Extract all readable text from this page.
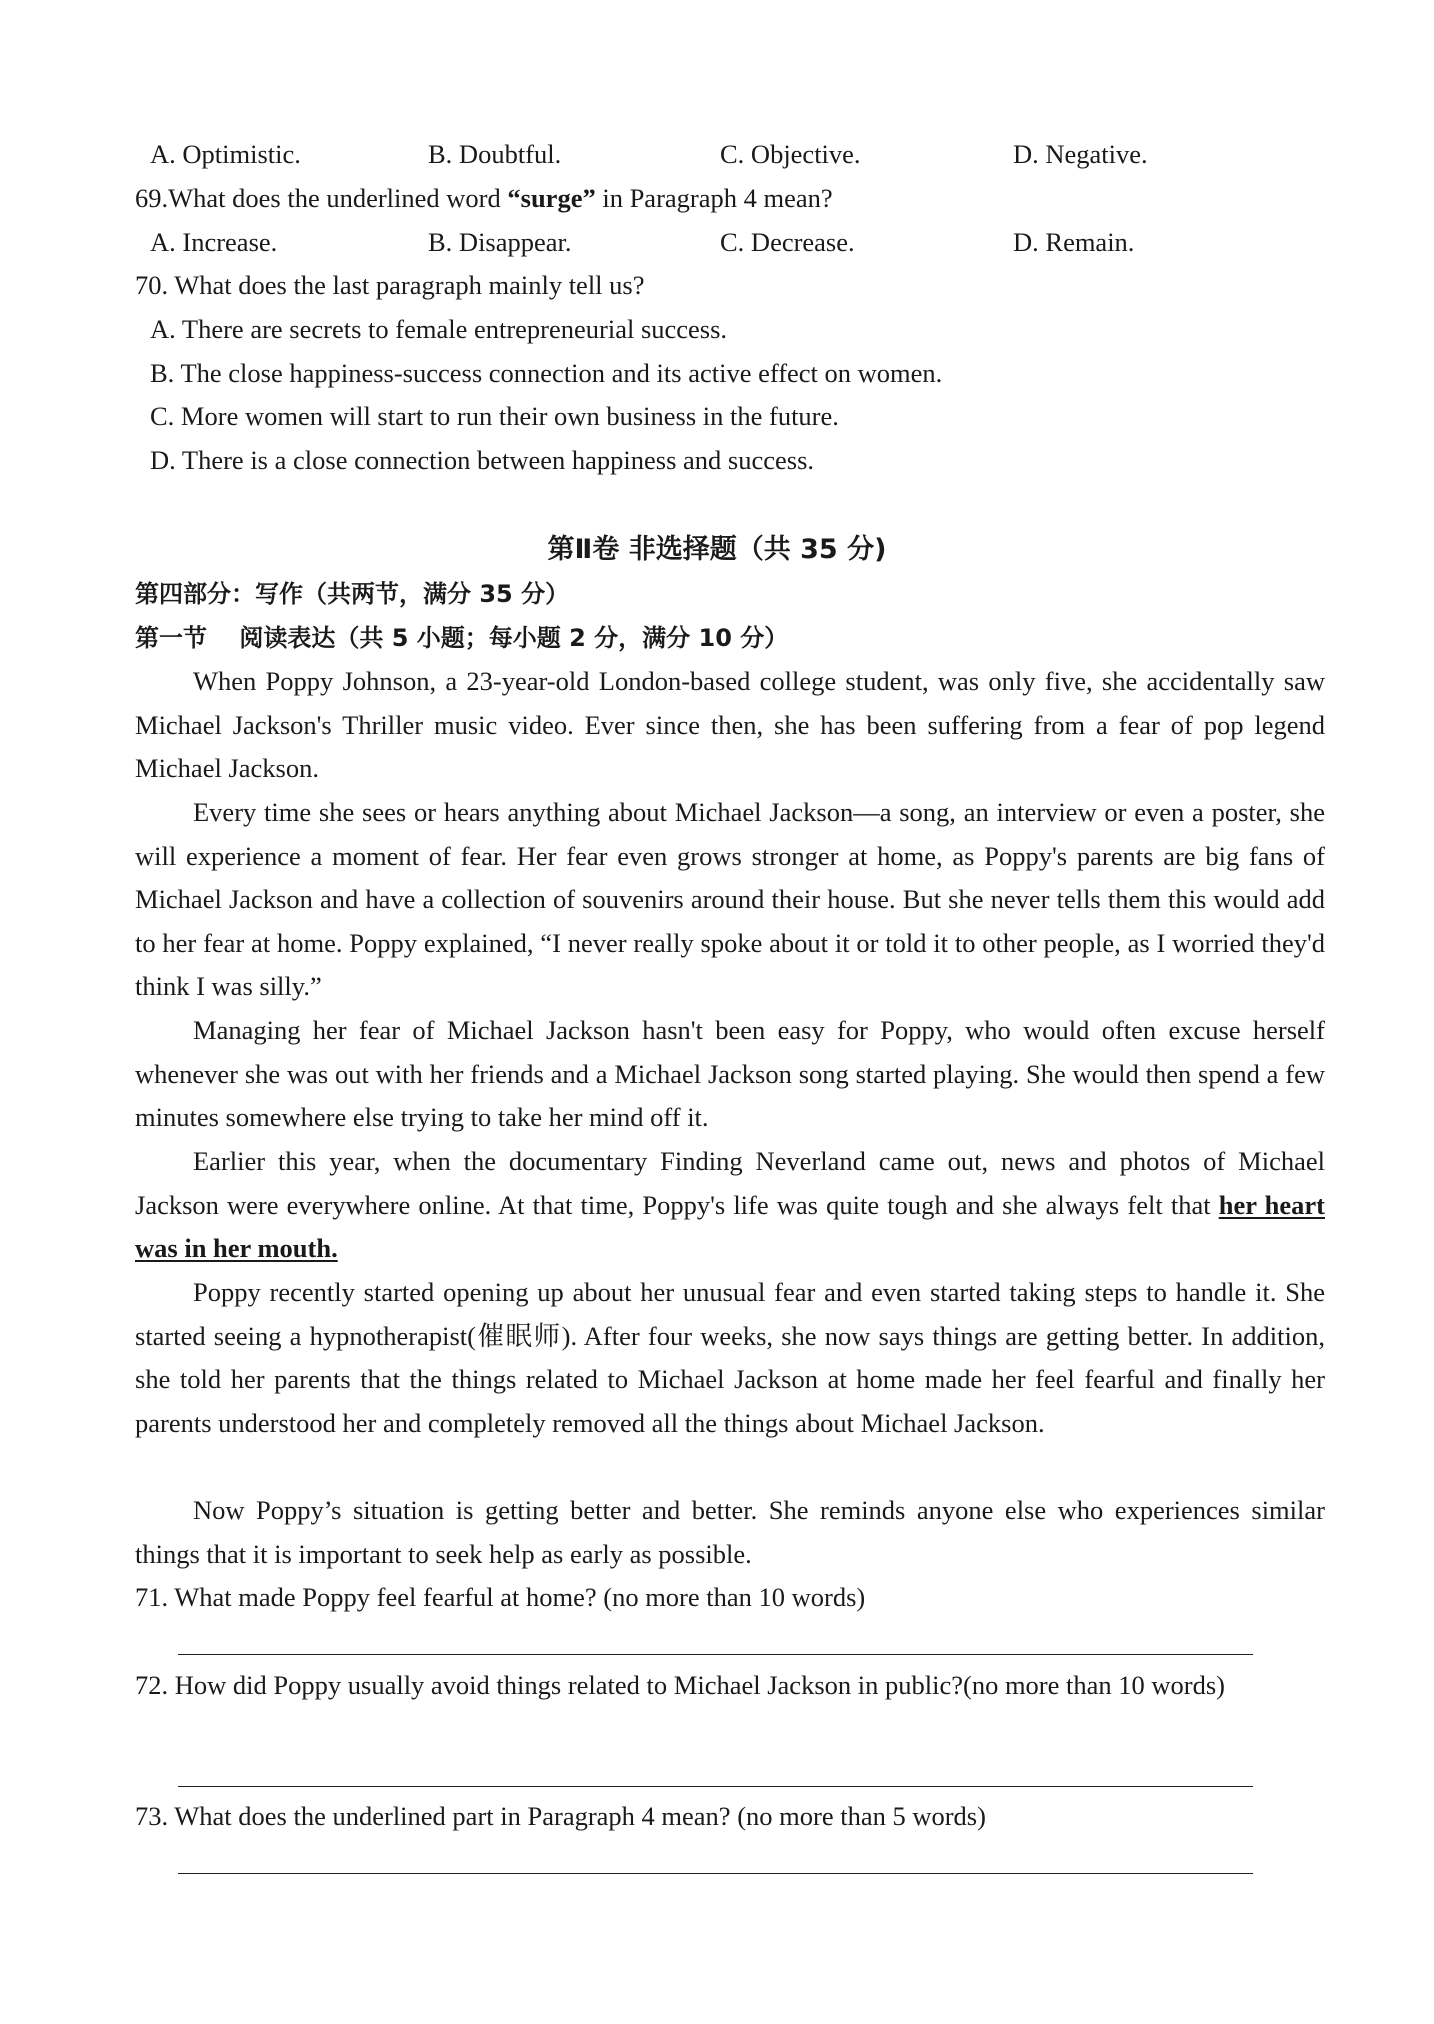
A. Optimistic.	B. Doubtful.	C. Objective.	D. Negative.
69.What does the underlined word “surge” in Paragraph 4 mean?
A. Increase.	B. Disappear.	C. Decrease.	D. Remain.
70. What does the last paragraph mainly tell us?
A. There are secrets to female entrepreneurial success.
B. The close happiness-success connection and its active effect on women.
C. More women will start to run their own business in the future.
D. There is a close connection between happiness and success.
第Ⅱ卷 非选择题（共 35 分)
第四部分：写作（共两节，满分 35 分）
第一节　 阅读表达（共 5 小题；每小题 2 分，满分 10 分）
When Poppy Johnson, a 23-year-old London-based college student, was only five, she accidentally saw Michael Jackson's Thriller music video. Ever since then, she has been suffering from a fear of pop legend Michael Jackson.
Every time she sees or hears anything about Michael Jackson—a song, an interview or even a poster, she will experience a moment of fear. Her fear even grows stronger at home, as Poppy's parents are big fans of Michael Jackson and have a collection of souvenirs around their house. But she never tells them this would add to her fear at home. Poppy explained, “I never really spoke about it or told it to other people, as I worried they'd think I was silly.”
Managing her fear of Michael Jackson hasn't been easy for Poppy, who would often excuse herself whenever she was out with her friends and a Michael Jackson song started playing. She would then spend a few minutes somewhere else trying to take her mind off it.
Earlier this year, when the documentary Finding Neverland came out, news and photos of Michael Jackson were everywhere online. At that time, Poppy's life was quite tough and she always felt that her heart was in her mouth.
Poppy recently started opening up about her unusual fear and even started taking steps to handle it. She started seeing a hypnotherapist(催眠师). After four weeks, she now says things are getting better. In addition, she told her parents that the things related to Michael Jackson at home made her feel fearful and finally her parents understood her and completely removed all the things about Michael Jackson.
Now Poppy’s situation is getting better and better. She reminds anyone else who experiences similar things that it is important to seek help as early as possible.
71. What made Poppy feel fearful at home? (no more than 10 words)
72. How did Poppy usually avoid things related to Michael Jackson in public?(no more than 10 words)
73. What does the underlined part in Paragraph 4 mean? (no more than 5 words)
